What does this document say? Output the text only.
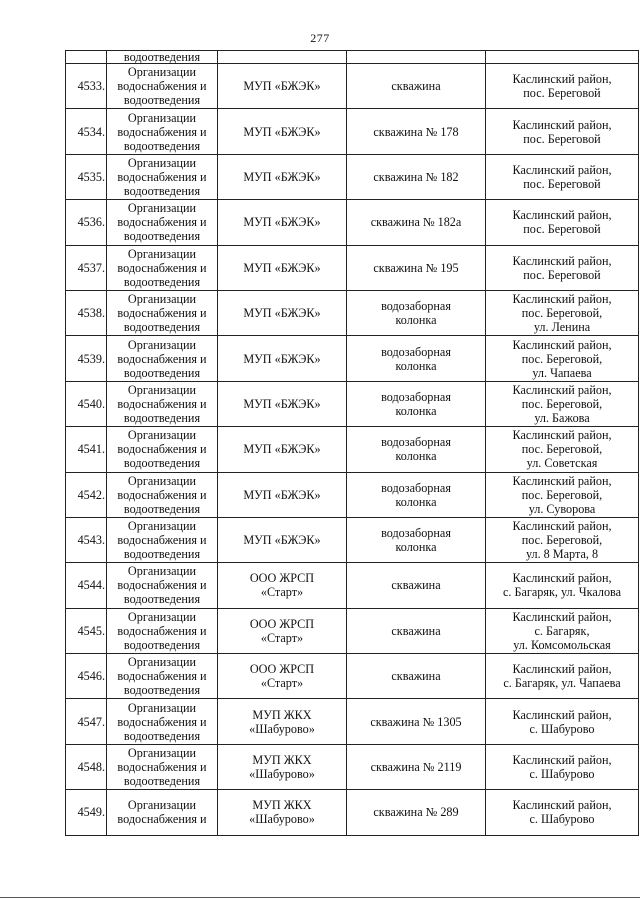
277
	водоотведения			
4533.	Организации
водоснабжения и
водоотведения	МУП «БЖЭК»	скважина	Каслинский район,
пос. Береговой

4534.	Организации
водоснабжения и
водоотведения	МУП «БЖЭК»	скважина № 178	Каслинский район,
пос. Береговой

4535.	Организации
водоснабжения и
водоотведения	МУП «БЖЭК»	скважина № 182	Каслинский район,
пос. Береговой

4536.	Организации
водоснабжения и
водоотведения	МУП «БЖЭК»	скважина № 182а	Каслинский район,
пос. Береговой

4537.	Организации
водоснабжения и
водоотведения	МУП «БЖЭК»	скважина № 195	Каслинский район,
пос. Береговой

4538.	Организации
водоснабжения и
водоотведения	МУП «БЖЭК»	водозаборная
колонка	Каслинский район,
пос. Береговой,
ул. Ленина

4539.	Организации
водоснабжения и
водоотведения	МУП «БЖЭК»	водозаборная
колонка	Каслинский район,
пос. Береговой,
ул. Чапаева

4540.	Организации
водоснабжения и
водоотведения	МУП «БЖЭК»	водозаборная
колонка	Каслинский район,
пос. Береговой,
ул. Бажова

4541.	Организации
водоснабжения и
водоотведения	МУП «БЖЭК»	водозаборная
колонка	Каслинский район,
пос. Береговой,
ул. Советская

4542.	Организации
водоснабжения и
водоотведения	МУП «БЖЭК»	водозаборная
колонка	Каслинский район,
пос. Береговой,
ул. Суворова

4543.	Организации
водоснабжения и
водоотведения	МУП «БЖЭК»	водозаборная
колонка	Каслинский район,
пос. Береговой,
ул. 8 Марта, 8

4544.	Организации
водоснабжения и
водоотведения	ООО ЖРСП
«Старт»	скважина	Каслинский район,
с. Багаряк, ул. Чкалова

4545.	Организации
водоснабжения и
водоотведения	ООО ЖРСП
«Старт»	скважина	Каслинский район,
с. Багаряк,
ул. Комсомольская

4546.	Организации
водоснабжения и
водоотведения	ООО ЖРСП
«Старт»	скважина	Каслинский район,
с. Багаряк, ул. Чапаева

4547.	Организации
водоснабжения и
водоотведения	МУП ЖКХ
«Шабурово»	скважина № 1305	Каслинский район,
с. Шабурово

4548.	Организации
водоснабжения и
водоотведения	МУП ЖКХ
«Шабурово»	скважина № 2119	Каслинский район,
с. Шабурово

4549.	Организации
водоснабжения и	МУП ЖКХ
«Шабурово»	скважина № 289	Каслинский район,
с. Шабурово
